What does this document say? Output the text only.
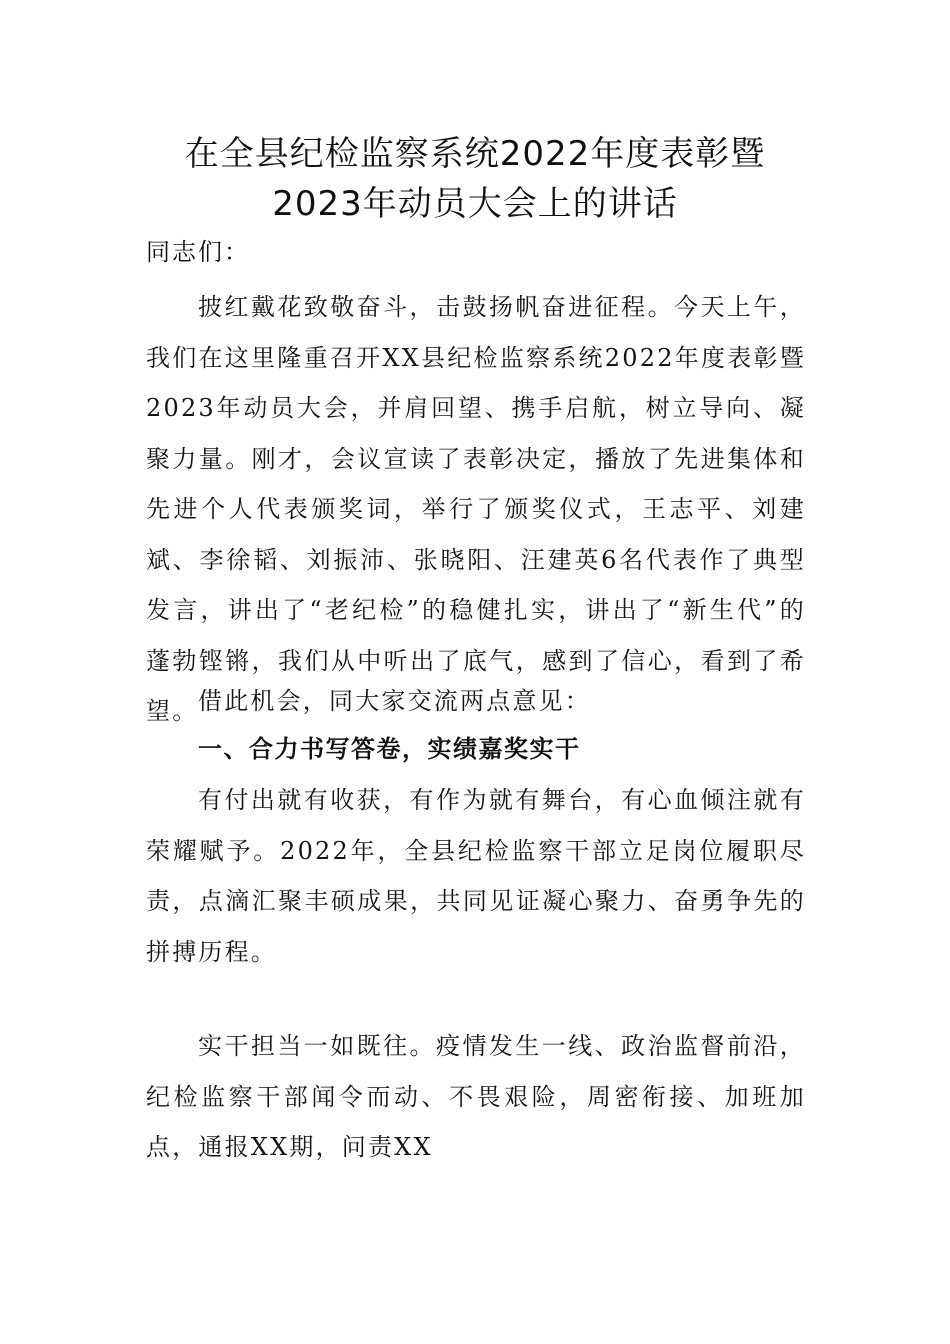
在全县纪检监察系统2022年度表彰暨
2023年动员大会上的讲话
同志们：
披红戴花致敬奋斗，击鼓扬帆奋进征程。今天上午，我们在这里隆重召开XX县纪检监察系统2022年度表彰暨2023年动员大会，并肩回望、携手启航，树立导向、凝聚力量。刚才，会议宣读了表彰决定，播放了先进集体和先进个人代表颁奖词，举行了颁奖仪式，王志平、刘建斌、李徐韬、刘振沛、张晓阳、汪建英6名代表作了典型发言，讲出了“老纪检”的稳健扎实，讲出了“新生代”的蓬勃铿锵，我们从中听出了底气，感到了信心，看到了希望。 借此机会，同大家交流两点意见：
一、合力书写答卷，实绩嘉奖实干
有付出就有收获，有作为就有舞台，有心血倾注就有荣耀赋予。2022年，全县纪检监察干部立足岗位履职尽责，点滴汇聚丰硕成果，共同见证凝心聚力、奋勇争先的拼搏历程。
实干担当一如既往。疫情发生一线、政治监督前沿，纪检监察干部闻令而动、不畏艰险，周密衔接、加班加点，通报XX期，问责XX
